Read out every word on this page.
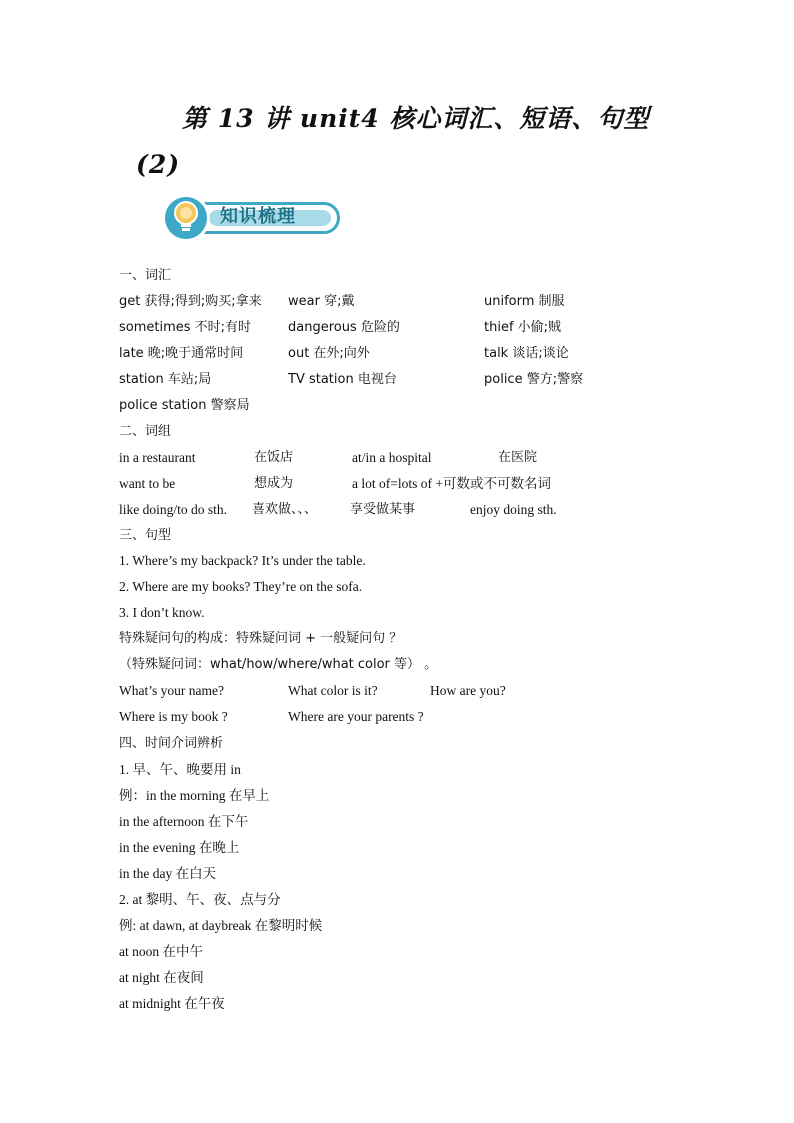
第 13 讲 unit4 核心词汇、短语、句型
(2)
知识梳理
一、词汇
get 获得;得到;购买;拿来 wear 穿;戴	uniform 制服
sometimes 不时;有时	dangerous 危险的	thief 小偷;贼
late 晚;晚于通常时间	out 在外;向外	talk 谈话;谈论
station 车站;局	TV station 电视台	police 警方;警察
police station 警察局
二、词组
in a restaurant	在饭店	at/in a hospital	在医院
want to be	想成为	a lot of=lots of +可数或不可数名词
like doing/to do sth. 喜欢做、、、	享受做某事	enjoy doing sth.
三、句型
1. Where’s my backpack? It’s under the table.
2. Where are my books? They’re on the sofa.
3. I don’t know.
特殊疑问句的构成：特殊疑问词 + 一般疑问句 ？
（特殊疑问词：what/how/where/what color 等） 。
What’s your name?	What color is it?	How are you?
Where is my book ?	Where are your parents ?
四、时间介词辨析
1. 早、午、晚要用 in
例：in the morning 在早上
in the afternoon 在下午
in the evening 在晚上
in the day 在白天
2. at 黎明、午、夜、点与分
例: at dawn, at daybreak 在黎明时候
at noon 在中午
at night 在夜间
at midnight 在午夜
